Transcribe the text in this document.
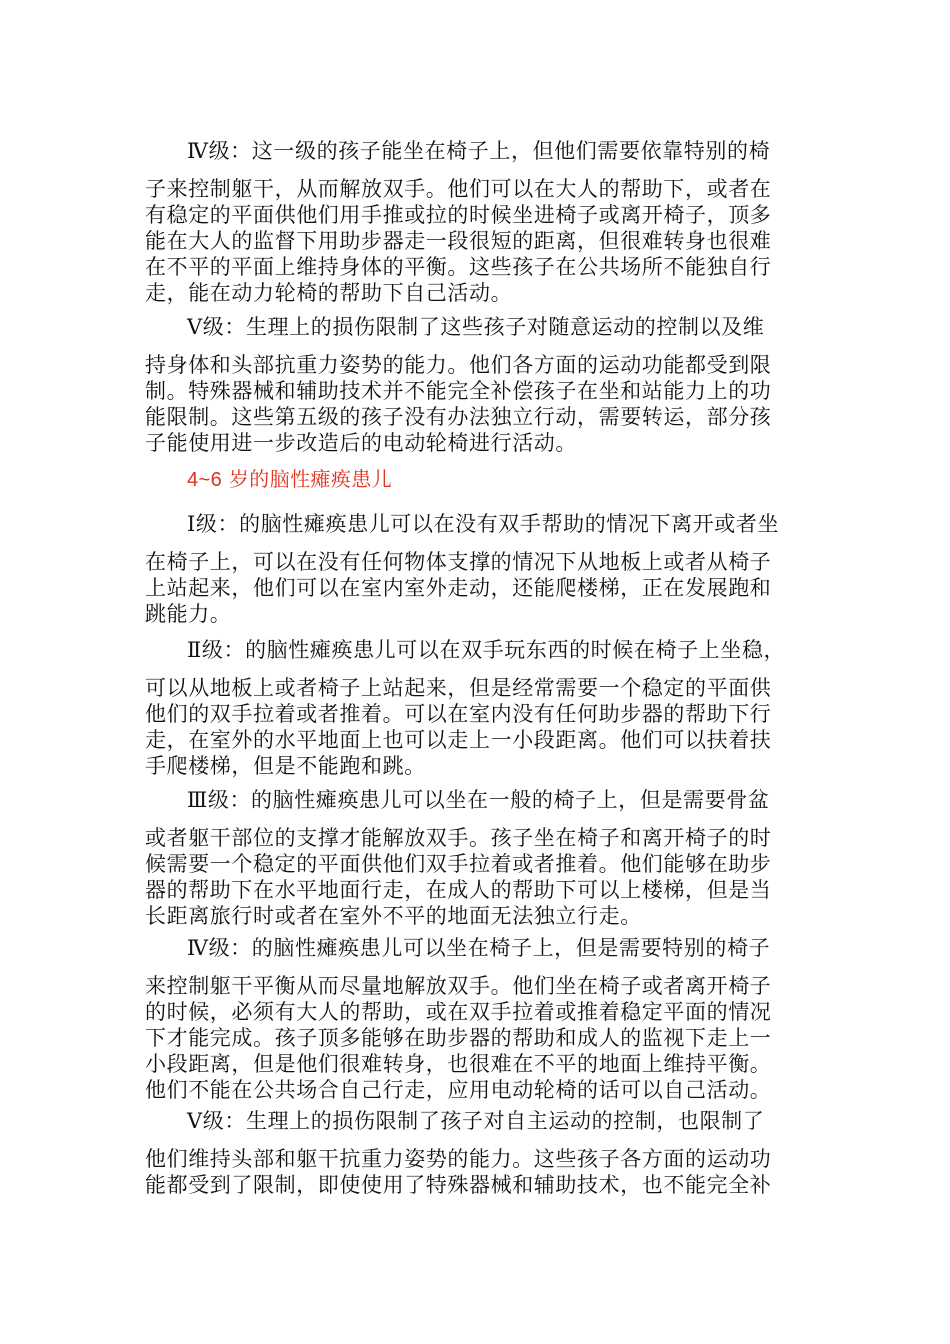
Ⅳ级：这一级的孩子能坐在椅子上，但他们需要依靠特别的椅
子来控制躯干，从而解放双手。他们可以在大人的帮助下，或者在
有稳定的平面供他们用手推或拉的时候坐进椅子或离开椅子，顶多
能在大人的监督下用助步器走一段很短的距离，但很难转身也很难
在不平的平面上维持身体的平衡。这些孩子在公共场所不能独自行
走，能在动力轮椅的帮助下自己活动。
Ⅴ级：生理上的损伤限制了这些孩子对随意运动的控制以及维
持身体和头部抗重力姿势的能力。他们各方面的运动功能都受到限
制。特殊器械和辅助技术并不能完全补偿孩子在坐和站能力上的功
能限制。这些第五级的孩子没有办法独立行动，需要转运，部分孩
子能使用进一步改造后的电动轮椅进行活动。
4~6 岁的脑性瘫痪患儿
Ⅰ级：的脑性瘫痪患儿可以在没有双手帮助的情况下离开或者坐
在椅子上，可以在没有任何物体支撑的情况下从地板上或者从椅子
上站起来，他们可以在室内室外走动，还能爬楼梯，正在发展跑和
跳能力。
Ⅱ级：的脑性瘫痪患儿可以在双手玩东西的时候在椅子上坐稳，
可以从地板上或者椅子上站起来，但是经常需要一个稳定的平面供
他们的双手拉着或者推着。可以在室内没有任何助步器的帮助下行
走，在室外的水平地面上也可以走上一小段距离。他们可以扶着扶
手爬楼梯，但是不能跑和跳。
Ⅲ级：的脑性瘫痪患儿可以坐在一般的椅子上，但是需要骨盆
或者躯干部位的支撑才能解放双手。孩子坐在椅子和离开椅子的时
候需要一个稳定的平面供他们双手拉着或者推着。他们能够在助步
器的帮助下在水平地面行走，在成人的帮助下可以上楼梯，但是当
长距离旅行时或者在室外不平的地面无法独立行走。
Ⅳ级：的脑性瘫痪患儿可以坐在椅子上，但是需要特别的椅子
来控制躯干平衡从而尽量地解放双手。他们坐在椅子或者离开椅子
的时候，必须有大人的帮助，或在双手拉着或推着稳定平面的情况
下才能完成。孩子顶多能够在助步器的帮助和成人的监视下走上一
小段距离，但是他们很难转身，也很难在不平的地面上维持平衡。
他们不能在公共场合自己行走，应用电动轮椅的话可以自己活动。
Ⅴ级：生理上的损伤限制了孩子对自主运动的控制，也限制了
他们维持头部和躯干抗重力姿势的能力。这些孩子各方面的运动功
能都受到了限制，即使使用了特殊器械和辅助技术，也不能完全补
